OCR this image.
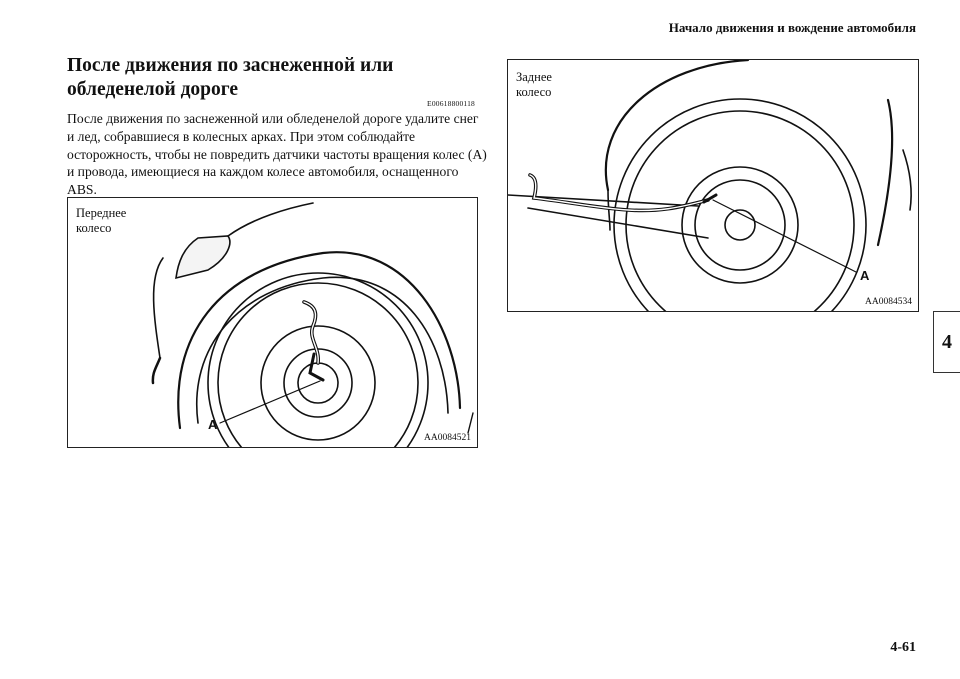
Начало движения и вождение автомобиля
После движения по заснеженной или обледенелой дороге
E00618800118

После движения по заснеженной или обледенелой дороге удалите снег и лед, собравшиеся в колесных арках. При этом соблюдайте осторожность, чтобы не повредить датчики частоты вращения колес (A) и провода, имеющиеся на каждом колесе автомобиля, оснащенного ABS.

Переднее
колесо
A
AA0084521
Заднее
колесо
A
AA0084534
4
4-61
